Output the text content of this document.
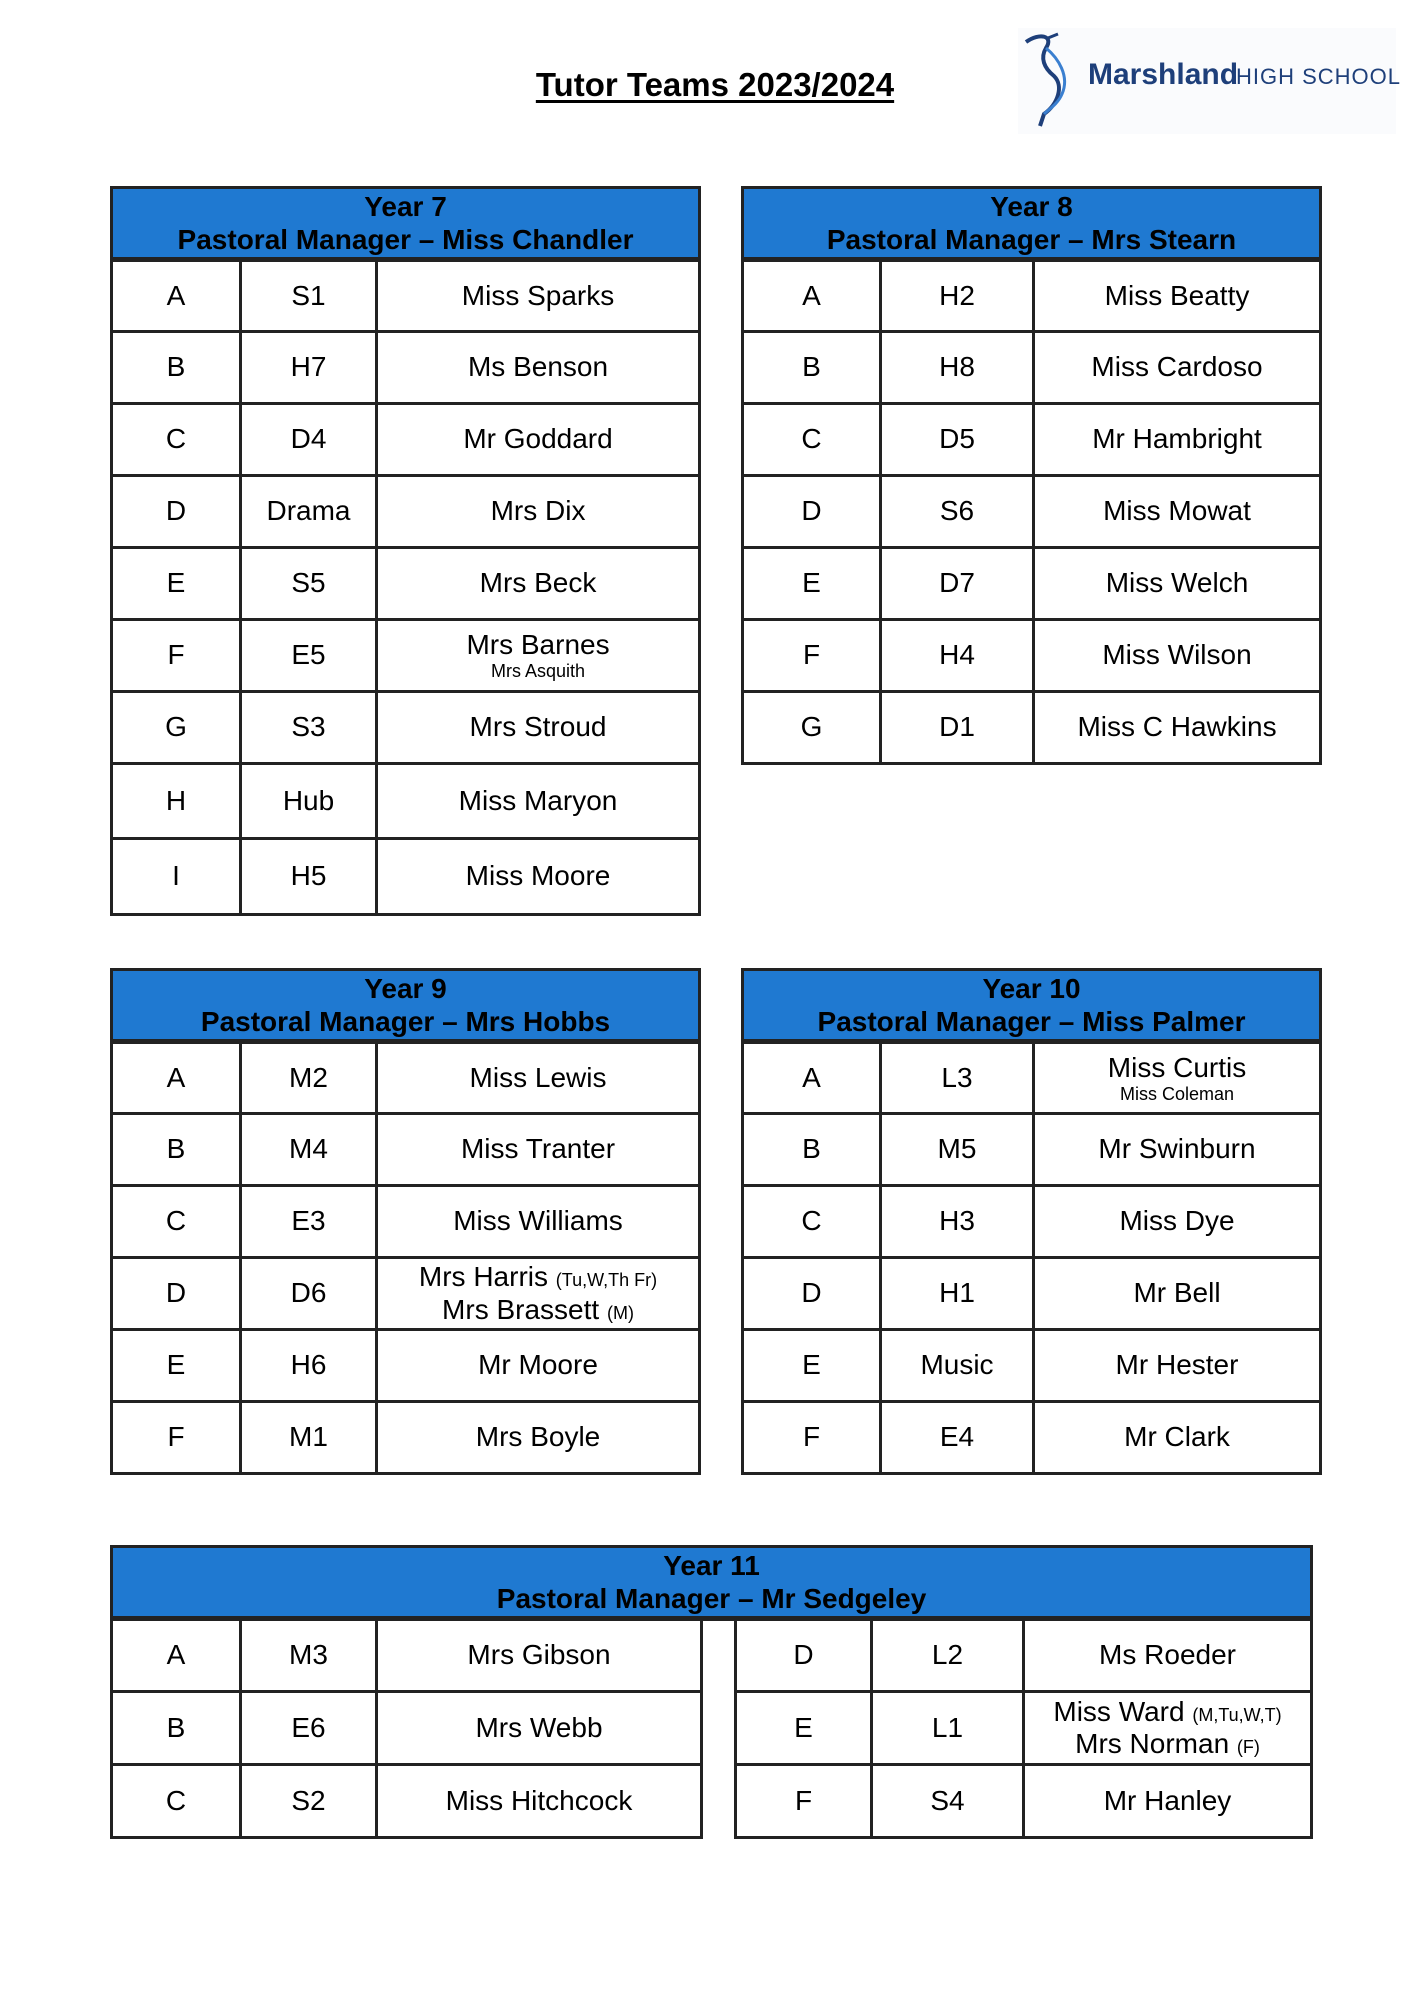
Tutor Teams 2023/2024	Marshland
HIGH SCHOOL
Year 7
Pastoral Manager – Miss Chandler		

A	S1	Miss Sparks
B	H7	Ms Benson
C	D4	Mr Goddard
D	Drama	Mrs Dix
E	S5	Mrs Beck
F	E5	Mrs Barnes
Mrs Asquith

G	S3	Mrs Stroud
H	Hub	Miss Maryon
I	H5	Miss Moore
Year 8
Pastoral Manager – Mrs Stearn		

A	H2	Miss Beatty
B	H8	Miss Cardoso
C	D5	Mr Hambright
D	S6	Miss Mowat
E	D7	Miss Welch
F	H4	Miss Wilson
G	D1	Miss C Hawkins
Year 9
Pastoral Manager – Mrs Hobbs		

A	M2	Miss Lewis
B	M4	Miss Tranter
C	E3	Miss Williams
D	D6	Mrs Harris (Tu,W,Th Fr)
Mrs Brassett (M)

E	H6	Mr Moore
F	M1	Mrs Boyle
Year 10
Pastoral Manager – Miss Palmer		

A	L3	Miss Curtis
Miss Coleman

B	M5	Mr Swinburn
C	H3	Miss Dye
D	H1	Mr Bell
E	Music	Mr Hester
F	E4	Mr Clark
Year 11
Pastoral Manager – Mr Sedgeley						

A	M3	Mrs Gibson		D	L2	Ms Roeder
B	E6	Mrs Webb		E	L1	Miss Ward (M,Tu,W,T)
Mrs Norman (F)

C	S2	Miss Hitchcock		F	S4	Mr Hanley
